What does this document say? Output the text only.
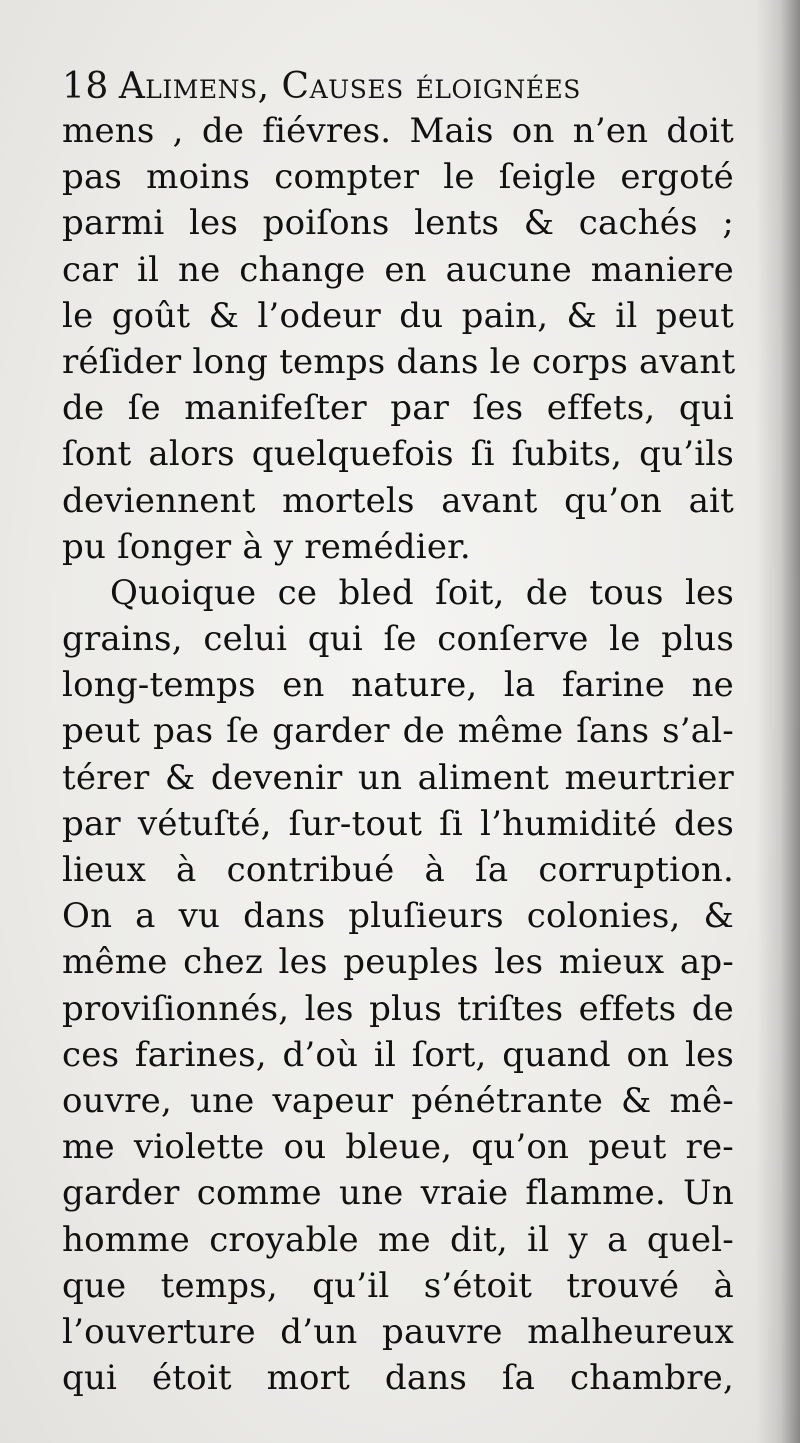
18 Alimens, Causes éloignées
mens , de fiévres. Mais on n’en doit
pas moins compter le ſeigle ergoté
parmi les poiſons lents & cachés ;
car il ne change en aucune maniere
le goût & l’odeur du pain, & il peut
réſider long temps dans le corps avant
de ſe manifeſter par ſes effets, qui
ſont alors quelquefois ſi ſubits, qu’ils
deviennent mortels avant qu’on ait
pu ſonger à y remédier.
Quoique ce bled ſoit, de tous les
grains, celui qui ſe conſerve le plus
long-temps en nature, la farine ne
peut pas ſe garder de même ſans s’al-
térer & devenir un aliment meurtrier
par vétuſté, ſur-tout ſi l’humidité des
lieux à contribué à ſa corruption.
On a vu dans pluſieurs colonies, &
même chez les peuples les mieux ap-
proviſionnés, les plus triſtes effets de
ces farines, d’où il ſort, quand on les
ouvre, une vapeur pénétrante & mê-
me violette ou bleue, qu’on peut re-
garder comme une vraie flamme. Un
homme croyable me dit, il y a quel-
que temps, qu’il s’étoit trouvé à
l’ouverture d’un pauvre malheureux
qui étoit mort dans ſa chambre,
